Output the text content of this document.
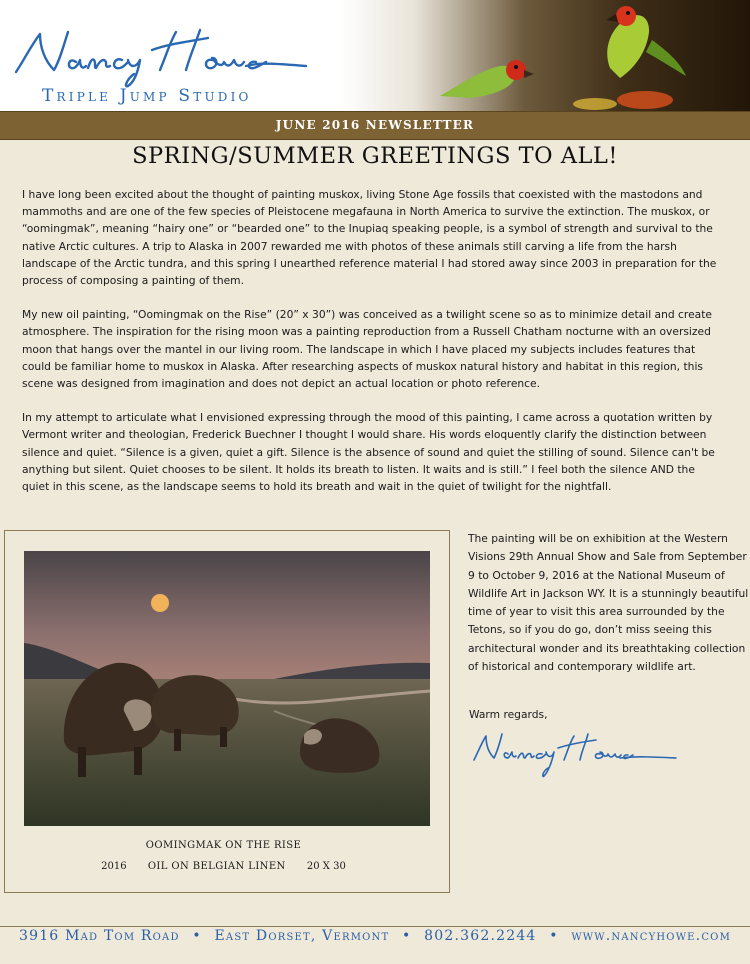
Triple Jump Studio
JUNE 2016 NEWSLETTER
SPRING/SUMMER GREETINGS TO ALL!

I have long been excited about the thought of painting muskox, living Stone Age fossils that coexisted with the mastodons and mammoths and are one of the few species of Pleistocene megafauna in North America to survive the extinction. The muskox, or “oomingmak”, meaning “hairy one” or “bearded one” to the Inupiaq speaking people, is a symbol of strength and survival to the native Arctic cultures. A trip to Alaska in 2007 rewarded me with photos of these animals still carving a life from the harsh landscape of the Arctic tundra, and this spring I unearthed reference material I had stored away since 2003 in preparation for the process of composing a painting of them.

My new oil painting, “Oomingmak on the Rise” (20” x 30”) was conceived as a twilight scene so as to minimize detail and create atmosphere. The inspiration for the rising moon was a painting reproduction from a Russell Chatham nocturne with an oversized moon that hangs over the mantel in our living room. The landscape in which I have placed my subjects includes features that could be familiar home to muskox in Alaska. After researching aspects of muskox natural history and habitat in this region, this scene was designed from imagination and does not depict an actual location or photo reference.

In my attempt to articulate what I envisioned expressing through the mood of this painting, I came across a quotation written by Vermont writer and theologian, Frederick Buechner I thought I would share. His words eloquently clarify the distinction between silence and quiet. “Silence is a given, quiet a gift. Silence is the absence of sound and quiet the stilling of sound. Silence can't be anything but silent. Quiet chooses to be silent. It holds its breath to listen. It waits and is still.” I feel both the silence AND the quiet in this scene, as the landscape seems to hold its breath and wait in the quiet of twilight for the nightfall.

OOMINGMAK ON THE RISE
2016 OIL ON BELGIAN LINEN 20 X 30

The painting will be on exhibition at the Western Visions 29th Annual Show and Sale from September 9 to October 9, 2016 at the National Museum of Wildlife Art in Jackson WY. It is a stunningly beautiful time of year to visit this area surrounded by the Tetons, so if you do go, don’t miss seeing this architectural wonder and its breathtaking collection of historical and contemporary wildlife art.

Warm regards,
3916 Mad Tom Road • East Dorset, Vermont • 802.362.2244 • www.nancyhowe.com
